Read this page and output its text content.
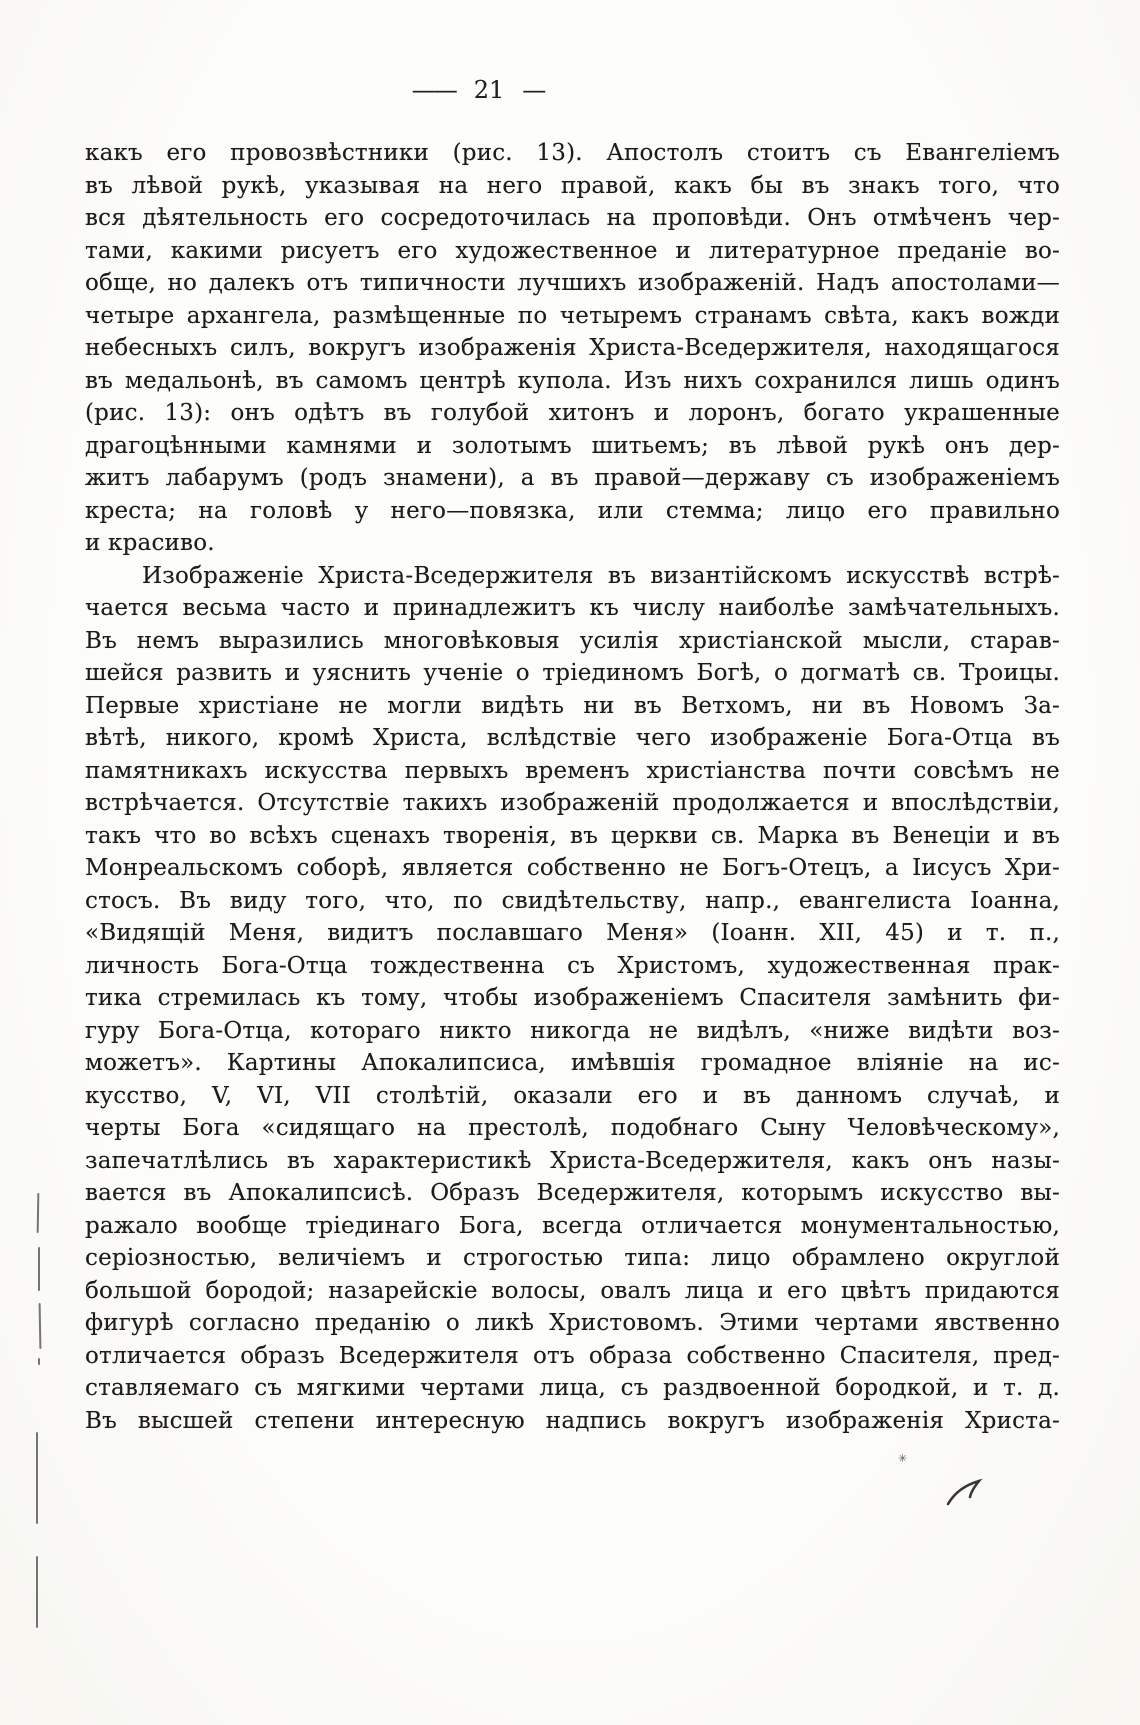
—— 21 —
какъ его провозвѣстники (рис. 13). Апостолъ стоитъ съ Евангеліемъ
въ лѣвой рукѣ, указывая на него правой, какъ бы въ знакъ того, что
вся дѣятельность его сосредоточилась на проповѣди. Онъ отмѣченъ чер-
тами, какими рисуетъ его художественное и литературное преданіе во-
обще, но далекъ отъ типичности лучшихъ изображеній. Надъ апостолами—
четыре архангела, размѣщенные по четыремъ странамъ свѣта, какъ вожди
небесныхъ силъ, вокругъ изображенія Христа-Вседержителя, находящагося
въ медальонѣ, въ самомъ центрѣ купола. Изъ нихъ сохранился лишь одинъ
(рис. 13): онъ одѣтъ въ голубой хитонъ и лоронъ, богато украшенные
драгоцѣнными камнями и золотымъ шитьемъ; въ лѣвой рукѣ онъ дер-
житъ лабарумъ (родъ знамени), а въ правой—державу съ изображеніемъ
креста; на головѣ у него—повязка, или стемма; лицо его правильно
и красиво.
Изображеніе Христа-Вседержителя въ византійскомъ искусствѣ встрѣ-
чается весьма часто и принадлежитъ къ числу наиболѣе замѣчательныхъ.
Въ немъ выразились многовѣковыя усилія христіанской мысли, старав-
шейся развить и уяснить ученіе о тріединомъ Богѣ, о догматѣ св. Троицы.
Первые христіане не могли видѣть ни въ Ветхомъ, ни въ Новомъ За-
вѣтѣ, никого, кромѣ Христа, вслѣдствіе чего изображеніе Бога-Отца въ
памятникахъ искусства первыхъ временъ христіанства почти совсѣмъ не
встрѣчается. Отсутствіе такихъ изображеній продолжается и впослѣдствіи,
такъ что во всѣхъ сценахъ творенія, въ церкви св. Марка въ Венеціи и въ
Монреальскомъ соборѣ, является собственно не Богъ-Отецъ, а Іисусъ Хри-
стосъ. Въ виду того, что, по свидѣтельству, напр., евангелиста Іоанна,
«Видящій Меня, видитъ пославшаго Меня» (Іоанн. XII, 45) и т. п.,
личность Бога-Отца тождественна съ Христомъ, художественная прак-
тика стремилась къ тому, чтобы изображеніемъ Спасителя замѣнить фи-
гуру Бога-Отца, котораго никто никогда не видѣлъ, «ниже видѣти воз-
можетъ». Картины Апокалипсиса, имѣвшія громадное вліяніе на ис-
кусство, V, VI, VII столѣтій, оказали его и въ данномъ случаѣ, и
черты Бога «сидящаго на престолѣ, подобнаго Сыну Человѣческому»,
запечатлѣлись въ характеристикѣ Христа-Вседержителя, какъ онъ назы-
вается въ Апокалипсисѣ. Образъ Вседержителя, которымъ искусство вы-
ражало вообще тріединаго Бога, всегда отличается монументальностью,
серіозностью, величіемъ и строгостью типа: лицо обрамлено округлой
большой бородой; назарейскіе волосы, овалъ лица и его цвѣтъ придаются
фигурѣ согласно преданію о ликѣ Христовомъ. Этими чертами явственно
отличается образъ Вседержителя отъ образа собственно Спасителя, пред-
ставляемаго съ мягкими чертами лица, съ раздвоенной бородкой, и т. д.
Въ высшей степени интересную надпись вокругъ изображенія Христа-
✳
